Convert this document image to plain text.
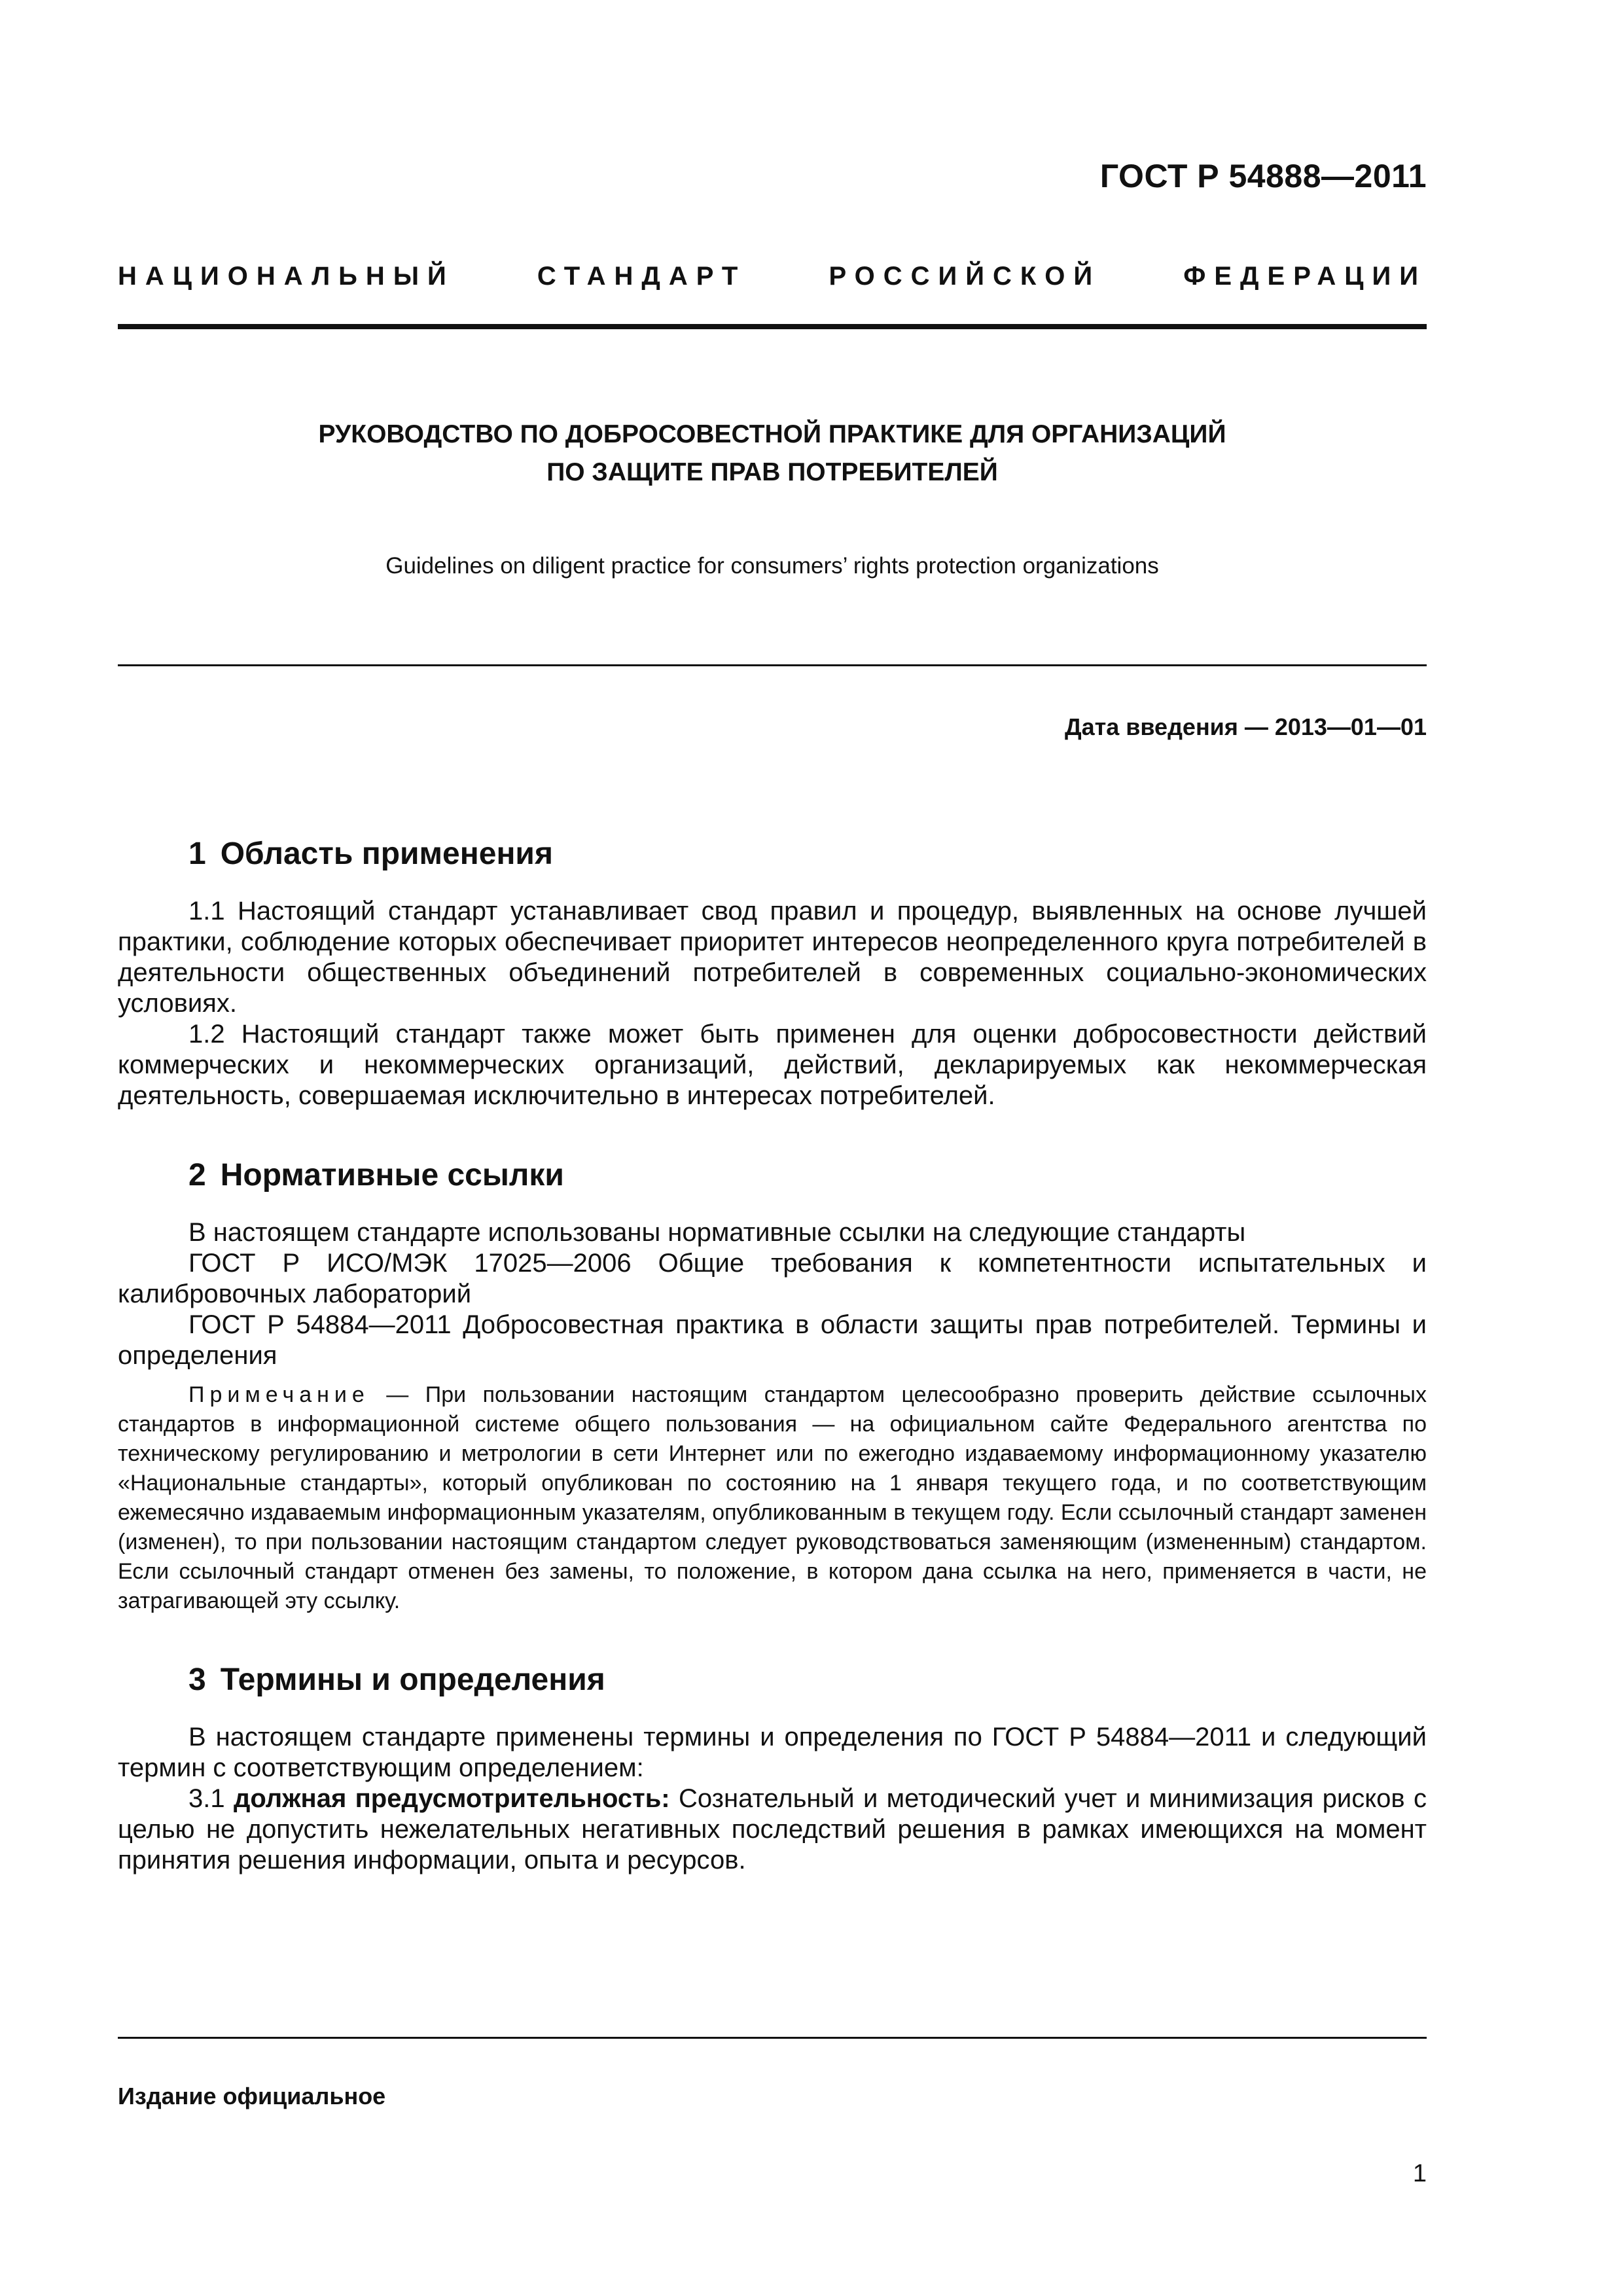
ГОСТ Р 54888—2011
НАЦИОНАЛЬНЫЙ	СТАНДАРТ	РОССИЙСКОЙ	ФЕДЕРАЦИИ
РУКОВОДСТВО ПО ДОБРОСОВЕСТНОЙ ПРАКТИКЕ ДЛЯ ОРГАНИЗАЦИЙ
ПО ЗАЩИТЕ ПРАВ ПОТРЕБИТЕЛЕЙ
Guidelines on diligent practice for consumers’ rights protection organizations
Дата введения — 2013—01—01
1 Область применения

1.1 Настоящий стандарт устанавливает свод правил и процедур, выявленных на основе лучшей практики, соблюдение которых обеспечивает приоритет интересов неопределенного круга потребителей в деятельности общественных объединений потребителей в современных социально-экономических условиях.

1.2 Настоящий стандарт также может быть применен для оценки добросовестности действий коммерческих и некоммерческих организаций, действий, декларируемых как некоммерческая деятельность, совершаемая исключительно в интересах потребителей.

2 Нормативные ссылки

В настоящем стандарте использованы нормативные ссылки на следующие стандарты

ГОСТ Р ИСО/МЭК 17025—2006 Общие требования к компетентности испытательных и калибровочных лабораторий

ГОСТ Р 54884—2011 Добросовестная практика в области защиты прав потребителей. Термины и определения

Примечание — При пользовании настоящим стандартом целесообразно проверить действие ссылочных стандартов в информационной системе общего пользования — на официальном сайте Федерального агентства по техническому регулированию и метрологии в сети Интернет или по ежегодно издаваемому информационному указателю «Национальные стандарты», который опубликован по состоянию на 1 января текущего года, и по соответствующим ежемесячно издаваемым информационным указателям, опубликованным в текущем году. Если ссылочный стандарт заменен (изменен), то при пользовании настоящим стандартом следует руководствоваться заменяющим (измененным) стандартом. Если ссылочный стандарт отменен без замены, то положение, в котором дана ссылка на него, применяется в части, не затрагивающей эту ссылку.

3 Термины и определения

В настоящем стандарте применены термины и определения по ГОСТ Р 54884—2011 и следующий термин с соответствующим определением:

3.1 должная предусмотрительность: Сознательный и методический учет и минимизация рисков с целью не допустить нежелательных негативных последствий решения в рамках имеющихся на момент принятия решения информации, опыта и ресурсов.

Издание официальное
1
